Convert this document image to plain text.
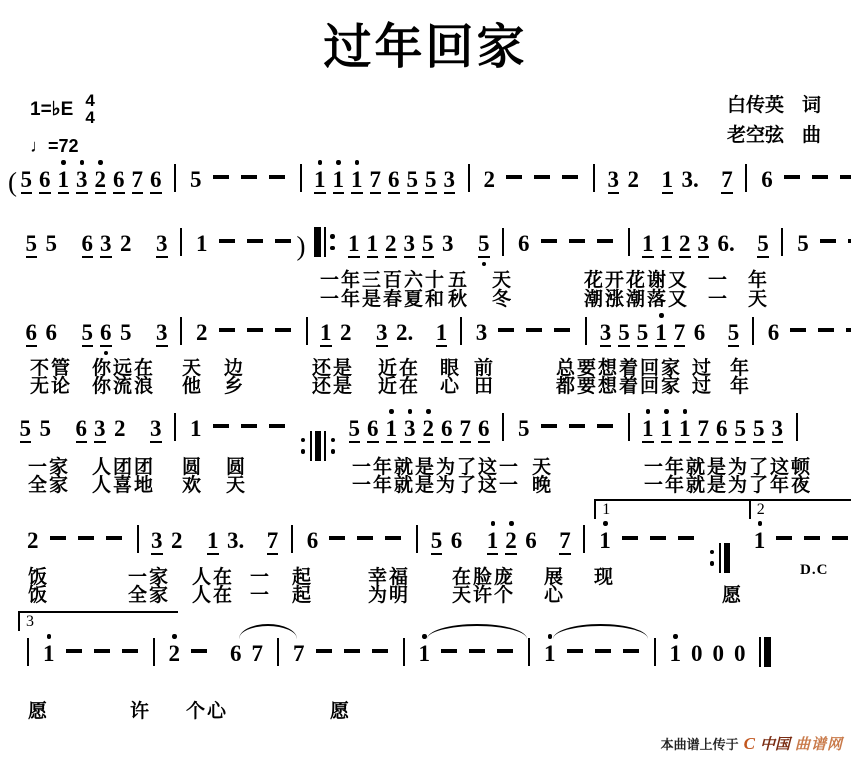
过年回家
1=♭E 4
4
♩=72
白传英 词
老空弦 曲
( 5 6 1 3 2 6 7 6 5	1 1 1 7 6 5 5 3 2	3 2 1 3. 7 6
5 5 6 3 2 3 1	) 1 1 2 3 5 3 5 6	1 1 2 3 6. 5 5
一年三百六十 五 天	花开花谢又 一 年
一年是春夏和 秋 冬	潮涨潮落又 一 天
6 6 5 6 5 3 2	1 2 3 2. 1 3	3 5 5 1 7 6 5 6
不管 你远在 天 边	还是 近在 眼 前	总要想着回家 过 年
无论 你流浪 他 乡	还是 近在 心 田	都要想着回家 过 年
5 5 6 3 2 3 1	5 6 1 3 2 6 7 6 5	1 1 1 7 6 5 5 3
一家 人团团 圆 圆	一年就是为了这一 天	一年就是为了这顿
全家 人喜地 欢 天	一年就是为了这一 晚	一年就是为了年夜
2	3 2 1 3. 7 6	5 6 1 2 6 7
1
1
2
1
饭	一家 人在 一 起	幸福 在脸庞 展 现	D.C
饭	全家 人在 一 起	为明 天许个 心	愿
3
1	2 6 7 7	1	1	1 0 0 0
愿	许 个心	愿
本曲谱上传于 C 中国 曲谱网
